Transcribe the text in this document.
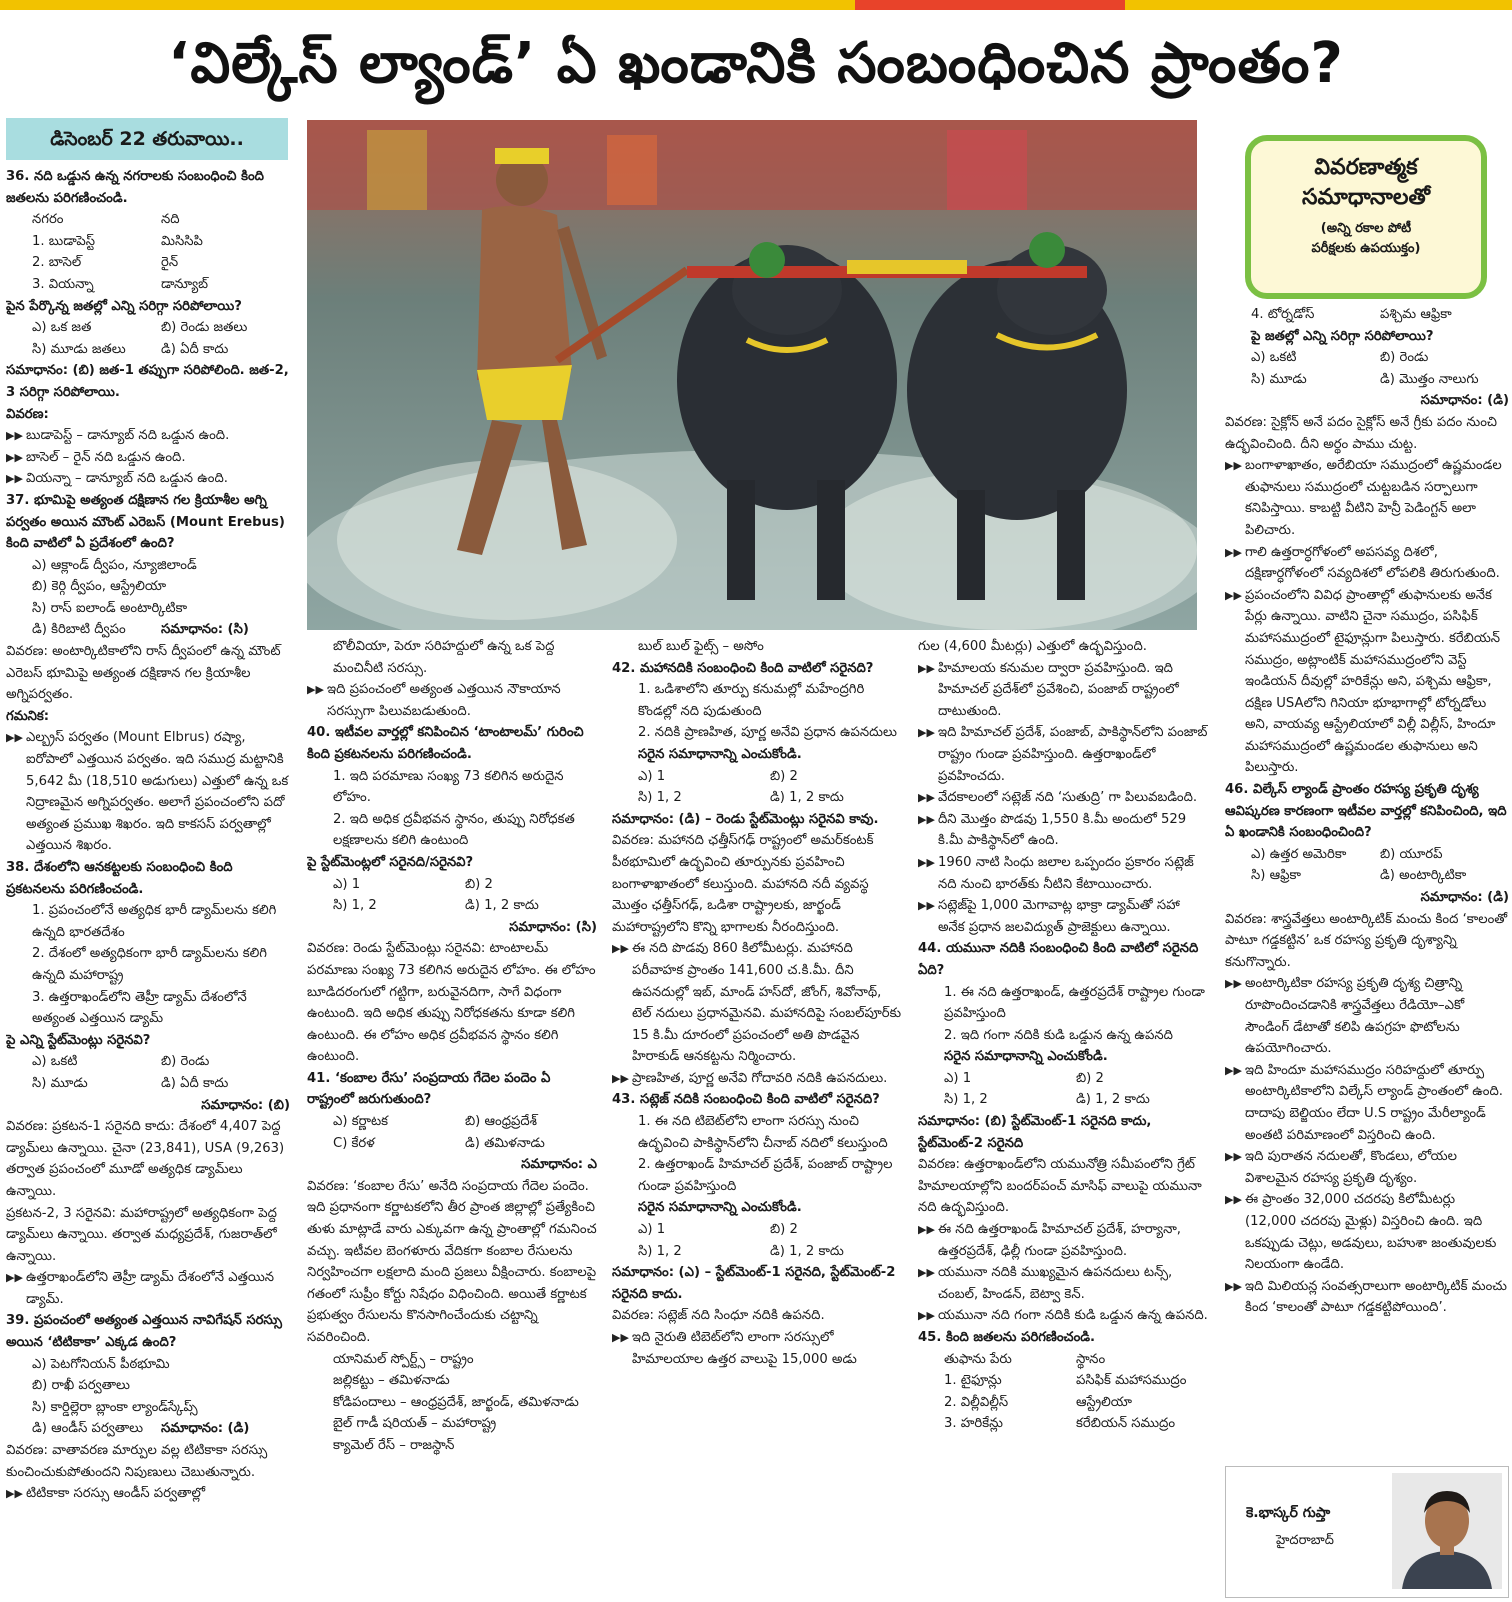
‘విల్కేస్ ల్యాండ్’ ఏ ఖండానికి సంబంధించిన ప్రాంతం?
డిసెంబర్ 22 తరువాయి..
వివరణాత్మక
సమాధానాలతో
(అన్ని రకాల పోటీ
పరీక్షలకు ఉపయుక్తం)

36. నది ఒడ్డున ఉన్న నగరాలకు సంబంధించి కింది జతలను పరిగణించండి.

నగరం	నది
1. బుడాపెస్ట్	మిసిసిపి
2. బాసెల్	రైన్
3. వియన్నా	డాన్యూబ్

పైన పేర్కొన్న జతల్లో ఎన్ని సరిగ్గా సరిపోలాయి?

ఎ) ఒక జత	బి) రెండు జతలు
సి) మూడు జతలు	డి) ఏదీ కాదు

సమాధానం: (బి) జత-1 తప్పుగా సరిపోలింది. జత-2, 3 సరిగ్గా సరిపోలాయి.

వివరణ:

▶▶ బుడాపెస్ట్ – డాన్యూబ్ నది ఒడ్డున ఉంది.
▶▶ బాసెల్ – రైన్ నది ఒడ్డున ఉంది.
▶▶ వియన్నా – డాన్యూబ్ నది ఒడ్డున ఉంది.

37. భూమిపై అత్యంత దక్షిణాన గల క్రియాశీల అగ్ని పర్వతం అయిన మౌంట్ ఎరెబస్ (Mount Erebus) కింది వాటిలో ఏ ప్రదేశంలో ఉంది?

ఎ) ఆక్లాండ్ ద్వీపం, న్యూజిలాండ్

బి) కెర్గి ద్వీపం, ఆస్ట్రేలియా

సి) రాస్ ఐలాండ్ అంటార్కిటికా

డి) కిరిబాటి ద్వీపం	సమాధానం: (సి)

వివరణ: అంటార్కిటికాలోని రాస్ ద్వీపంలో ఉన్న మౌంట్ ఎరెబస్ భూమిపై అత్యంత దక్షిణాన గల క్రియాశీల అగ్నిపర్వతం.

గమనిక:

▶▶ ఎల్బ్రస్ పర్వతం (Mount Elbrus) రష్యా, ఐరోపాలో ఎత్తయిన పర్వతం. ఇది సముద్ర మట్టానికి 5,642 మీ (18,510 అడుగులు) ఎత్తులో ఉన్న ఒక నిద్రాణమైన అగ్నిపర్వతం. అలాగే ప్రపంచంలోని పదో అత్యంత ప్రముఖ శిఖరం. ఇది కాకసస్ పర్వతాల్లో ఎత్తయిన శిఖరం.

38. దేశంలోని ఆనకట్టలకు సంబంధించి కింది ప్రకటనలను పరిగణించండి.

1. ప్రపంచంలోనే అత్యధిక భారీ డ్యామ్‌లను కలిగి ఉన్నది భారతదేశం

2. దేశంలో అత్యధికంగా భారీ డ్యామ్‌లను కలిగి ఉన్నది మహారాష్ట్ర

3. ఉత్తరాఖండ్‌లోని తెహ్రీ డ్యామ్ దేశంలోనే అత్యంత ఎత్తయిన డ్యామ్

పై ఎన్ని స్టేట్‌మెంట్లు సరైనవి?

ఎ) ఒకటి	బి) రెండు
సి) మూడు	డి) ఏదీ కాదు

సమాధానం: (బి)

వివరణ: ప్రకటన-1 సరైనది కాదు: దేశంలో 4,407 పెద్ద డ్యామ్‌లు ఉన్నాయి. చైనా (23,841), USA (9,263) తర్వాత ప్రపంచంలో మూడో అత్యధిక డ్యామ్‌లు ఉన్నాయి.

ప్రకటన-2, 3 సరైనవి: మహారాష్ట్రలో అత్యధికంగా పెద్ద డ్యామ్‌లు ఉన్నాయి. తర్వాత మధ్యప్రదేశ్, గుజరాత్‌లో ఉన్నాయి.

▶▶ ఉత్తరాఖండ్‌లోని తెహ్రీ డ్యామ్ దేశంలోనే ఎత్తయిన డ్యామ్.

39. ప్రపంచంలో అత్యంత ఎత్తయిన నావిగేషన్ సరస్సు అయిన ‘టిటికాకా’ ఎక్కడ ఉంది?

ఎ) పెటగోనియన్ పీఠభూమి

బి) రాఖీ పర్వతాలు

సి) కార్డిల్లెరా బ్లాంకా ల్యాండ్‌స్కేప్స్

డి) ఆండీస్ పర్వతాలు	సమాధానం: (డి)

వివరణ: వాతావరణ మార్పుల వల్ల టిటికాకా సరస్సు కుంచించుకుపోతుందని నిపుణులు చెబుతున్నారు.

▶▶ టిటికాకా సరస్సు ఆండీస్ పర్వతాల్లో

బొలీవియా, పెరూ సరిహద్దులో ఉన్న ఒక పెద్ద మంచినీటి సరస్సు.

▶▶ ఇది ప్రపంచంలో అత్యంత ఎత్తయిన నౌకాయాన సరస్సుగా పిలువబడుతుంది.

40. ఇటీవల వార్తల్లో కనిపించిన ‘టాంటాలమ్’ గురించి కింది ప్రకటనలను పరిగణించండి.

1. ఇది పరమాణు సంఖ్య 73 కలిగిన అరుదైన లోహం.

2. ఇది అధిక ద్రవీభవన స్థానం, తుప్పు నిరోధకత లక్షణాలను కలిగి ఉంటుంది

పై స్టేట్‌మెంట్లలో సరైనది/సరైనవి?

ఎ) 1	బి) 2
సి) 1, 2	డి) 1, 2 కాదు

సమాధానం: (సి)

వివరణ: రెండు స్టేట్‌మెంట్లు సరైనవి: టాంటాలమ్ పరమాణు సంఖ్య 73 కలిగిన అరుదైన లోహం. ఈ లోహం బూడిదరంగులో గట్టిగా, బరువైనదిగా, సాగే విధంగా ఉంటుంది. ఇది అధిక తుప్పు నిరోధకతను కూడా కలిగి ఉంటుంది. ఈ లోహం అధిక ద్రవీభవన స్థానం కలిగి ఉంటుంది.

41. ‘కంబాల రేసు’ సంప్రదాయ గేదెల పందెం ఏ రాష్ట్రంలో జరుగుతుంది?

ఎ) కర్ణాటక	బి) ఆంధ్రప్రదేశ్
C) కేరళ	డి) తమిళనాడు

సమాధానం: ఎ

వివరణ: ‘కంబాల రేసు’ అనేది సంప్రదాయ గేదెల పందెం. ఇది ప్రధానంగా కర్ణాటకలోని తీర ప్రాంత జిల్లాల్లో ప్రత్యేకించి తుళు మాట్లాడే వారు ఎక్కువగా ఉన్న ప్రాంతాల్లో గమనించ వచ్చు. ఇటీవల బెంగళూరు వేదికగా కంబాల రేసులను నిర్వహించగా లక్షలాది మంది ప్రజలు వీక్షించారు. కంబాలపై గతంలో సుప్రీం కోర్టు నిషేధం విధించింది. అయితే కర్ణాటక ప్రభుత్వం రేసులను కొనసాగించేందుకు చట్టాన్ని సవరించింది.

యానిమల్ స్పోర్ట్స్ – రాష్ట్రం

జల్లికట్టు – తమిళనాడు

కోడిపందాలు – ఆంధ్రప్రదేశ్, జార్ఖండ్, తమిళనాడు

బైల్ గాడీ షరియత్ – మహారాష్ట్ర

క్యామెల్ రేస్ – రాజస్థాన్

బుల్ బుల్ ఫైట్స్ – అసోం

42. మహానదికి సంబంధించి కింది వాటిలో సరైనది?

1. ఒడిశాలోని తూర్పు కనుమల్లో మహేంద్రగిరి కొండల్లో నది పుడుతుంది

2. నదికి ప్రాణహిత, పూర్ణ అనేవి ప్రధాన ఉపనదులు

సరైన సమాధానాన్ని ఎంచుకోండి.

ఎ) 1	బి) 2
సి) 1, 2	డి) 1, 2 కాదు

సమాధానం: (డి) – రెండు స్టేట్‌మెంట్లు సరైనవి కావు.

వివరణ: మహానది ఛత్తీస్‌గఢ్ రాష్ట్రంలో అమర్‌కంటక్ పీఠభూమిలో ఉద్భవించి తూర్పునకు ప్రవహించి బంగాళాఖాతంలో కలుస్తుంది. మహానది నదీ వ్యవస్థ మొత్తం ఛత్తీస్‌గఢ్, ఒడిశా రాష్ట్రాలకు, జార్ఖండ్ మహారాష్ట్రలోని కొన్ని భాగాలకు నీరందిస్తుంది.

▶▶ ఈ నది పొడవు 860 కిలోమీటర్లు. మహానది పరీవాహక ప్రాంతం 141,600 చ.కి.మీ. దీని ఉపనదుల్లో ఇబ్, మాండ్ హస్‌దో, జోంగ్, శివోనాథ్, టెల్ నదులు ప్రధానమైనవి. మహానదిపై సంబల్‌పూర్‌కు 15 కి.మీ దూరంలో ప్రపంచంలో అతి పొడవైన హిరాకుడ్ ఆనకట్టను నిర్మించారు.
▶▶ ప్రాణహిత, పూర్ణ అనేవి గోదావరి నదికి ఉపనదులు.

43. సట్లెజ్ నదికి సంబంధించి కింది వాటిలో సరైనది?

1. ఈ నది టిబెట్‌లోని లాంగా సరస్సు నుంచి ఉద్భవించి పాకిస్థాన్‌లోని చీనాబ్ నదిలో కలుస్తుంది

2. ఉత్తరాఖండ్ హిమాచల్ ప్రదేశ్, పంజాబ్ రాష్ట్రాల గుండా ప్రవహిస్తుంది

సరైన సమాధానాన్ని ఎంచుకోండి.

ఎ) 1	బి) 2
సి) 1, 2	డి) 1, 2 కాదు

సమాధానం: (ఎ) – స్టేట్‌మెంట్-1 సరైనది, స్టేట్‌మెంట్-2 సరైనది కాదు.

వివరణ: సట్లెజ్ నది సింధూ నదికి ఉపనది.

▶▶ ఇది నైరుతి టిబెట్‌లోని లాంగా సరస్సులో హిమాలయాల ఉత్తర వాలుపై 15,000 అడు

గుల (4,600 మీటర్లు) ఎత్తులో ఉద్భవిస్తుంది.

▶▶ హిమాలయ కనుమల ద్వారా ప్రవహిస్తుంది. ఇది హిమాచల్ ప్రదేశ్‌లో ప్రవేశించి, పంజాబ్ రాష్ట్రంలో దాటుతుంది.
▶▶ ఇది హిమాచల్ ప్రదేశ్, పంజాబ్, పాకిస్థాన్‌లోని పంజాబ్ రాష్ట్రం గుండా ప్రవహిస్తుంది. ఉత్తరాఖండ్‌లో ప్రవహించదు.
▶▶ వేదకాలంలో సట్లెజ్ నది ‘సుతుద్రి’ గా పిలువబడింది.
▶▶ దీని మొత్తం పొడవు 1,550 కి.మీ అందులో 529 కి.మీ పాకిస్థాన్‌లో ఉంది.
▶▶ 1960 నాటి సింధు జలాల ఒప్పందం ప్రకారం సట్లెజ్ నది నుంచి భారత్‌కు నీటిని కేటాయించారు.
▶▶ సట్లెజ్‌పై 1,000 మెగావాట్ల భాక్రా డ్యామ్‌తో సహా అనేక ప్రధాన జలవిద్యుత్ ప్రాజెక్టులు ఉన్నాయి.

44. యమునా నదికి సంబంధించి కింది వాటిలో సరైనది ఏది?

1. ఈ నది ఉత్తరాఖండ్, ఉత్తరప్రదేశ్ రాష్ట్రాల గుండా ప్రవహిస్తుంది

2. ఇది గంగా నదికి కుడి ఒడ్డున ఉన్న ఉపనది

సరైన సమాధానాన్ని ఎంచుకోండి.

ఎ) 1	బి) 2
సి) 1, 2	డి) 1, 2 కాదు

సమాధానం: (బి) స్టేట్‌మెంట్-1 సరైనది కాదు, స్టేట్‌మెంట్-2 సరైనది

వివరణ: ఉత్తరాఖండ్‌లోని యమునోత్రి సమీపంలోని గ్రేట్ హిమాలయాల్లోని బందర్‌పంచ్ మాసిఫ్ వాలుపై యమునా నది ఉద్భవిస్తుంది.

▶▶ ఈ నది ఉత్తరాఖండ్ హిమాచల్ ప్రదేశ్, హర్యానా, ఉత్తరప్రదేశ్, ఢిల్లీ గుండా ప్రవహిస్తుంది.
▶▶ యమునా నదికి ముఖ్యమైన ఉపనదులు టన్స్, చంబల్, హిండన్, బెట్వా కెన్.
▶▶ యమునా నది గంగా నదికి కుడి ఒడ్డున ఉన్న ఉపనది.

45. కింది జతలను పరిగణించండి.

తుఫాను పేరు	స్థానం
1. టైఫూన్లు	పసిఫిక్ మహాసముద్రం
2. విల్లీవిల్లీస్	ఆస్ట్రేలియా
3. హరికేన్లు	కరేబియన్ సముద్రం
4. టోర్నడోస్	పశ్చిమ ఆఫ్రికా

పై జతల్లో ఎన్ని సరిగ్గా సరిపోలాయి?

ఎ) ఒకటి	బి) రెండు
సి) మూడు	డి) మొత్తం నాలుగు

సమాధానం: (డి)

వివరణ: సైక్లోన్ అనే పదం సైక్లోస్ అనే గ్రీకు పదం నుంచి ఉద్భవించింది. దీని అర్థం పాము చుట్ట.

▶▶ బంగాళాఖాతం, అరేబియా సముద్రంలో ఉష్ణమండల తుఫానులు సముద్రంలో చుట్టబడిన సర్పాలుగా కనిపిస్తాయి. కాబట్టి వీటిని హెన్రీ పెడింగ్టన్ అలా పిలిచారు.
▶▶ గాలి ఉత్తరార్ధగోళంలో అపసవ్య దిశలో, దక్షిణార్ధగోళంలో సవ్యదిశలో లోపలికి తిరుగుతుంది.
▶▶ ప్రపంచంలోని వివిధ ప్రాంతాల్లో తుఫానులకు అనేక పేర్లు ఉన్నాయి. వాటిని చైనా సముద్రం, పసిఫిక్ మహాసముద్రంలో టైఫూన్లుగా పిలుస్తారు. కరేబియన్ సముద్రం, అట్లాంటిక్ మహాసముద్రంలోని వెస్ట్ ఇండియన్ దీవుల్లో హరికేన్లు అని, పశ్చిమ ఆఫ్రికా, దక్షిణ USAలోని గినియా భూభాగాల్లో టోర్నడోలు అని, వాయవ్య ఆస్ట్రేలియాలో విల్లీ విల్లీస్, హిందూ మహాసముద్రంలో ఉష్ణమండల తుఫానులు అని పిలుస్తారు.

46. విల్కేస్ ల్యాండ్ ప్రాంతం రహస్య ప్రకృతి దృశ్య ఆవిష్కరణ కారణంగా ఇటీవల వార్తల్లో కనిపించింది, ఇది ఏ ఖండానికి సంబంధించింది?

ఎ) ఉత్తర అమెరికా	బి) యూరప్
సి) ఆఫ్రికా	డి) అంటార్కిటికా

సమాధానం: (డి)

వివరణ: శాస్త్రవేత్తలు అంటార్కిటిక్ మంచు కింద ‘కాలంతో పాటూ గడ్డకట్టిన’ ఒక రహస్య ప్రకృతి దృశ్యాన్ని కనుగొన్నారు.

▶▶ అంటార్కిటికా రహస్య ప్రకృతి దృశ్య చిత్రాన్ని రూపొందించడానికి శాస్త్రవేత్తలు రేడియో–ఎకో సౌండింగ్ డేటాతో కలిపి ఉపగ్రహ ఫొటోలను ఉపయోగించారు.
▶▶ ఇది హిందూ మహాసముద్రం సరిహద్దులో తూర్పు అంటార్కిటికాలోని విల్కేస్ ల్యాండ్ ప్రాంతంలో ఉంది. దాదాపు బెల్జియం లేదా U.S రాష్ట్రం మేరీల్యాండ్ అంతటి పరిమాణంలో విస్తరించి ఉంది.
▶▶ ఇది పురాతన నదులతో, కొండలు, లోయల విశాలమైన రహస్య ప్రకృతి దృశ్యం.
▶▶ ఈ ప్రాంతం 32,000 చదరపు కిలోమీటర్లు (12,000 చదరపు మైళ్లు) విస్తరించి ఉంది. ఇది ఒకప్పుడు చెట్లు, అడవులు, బహుశా జంతువులకు నిలయంగా ఉండేది.
▶▶ ఇది మిలియన్ల సంవత్సరాలుగా అంటార్కిటిక్ మంచు కింద ‘కాలంతో పాటూ గడ్డకట్టిపోయింది’.
కె.భాస్కర్ గుప్తా
హైదరాబాద్
